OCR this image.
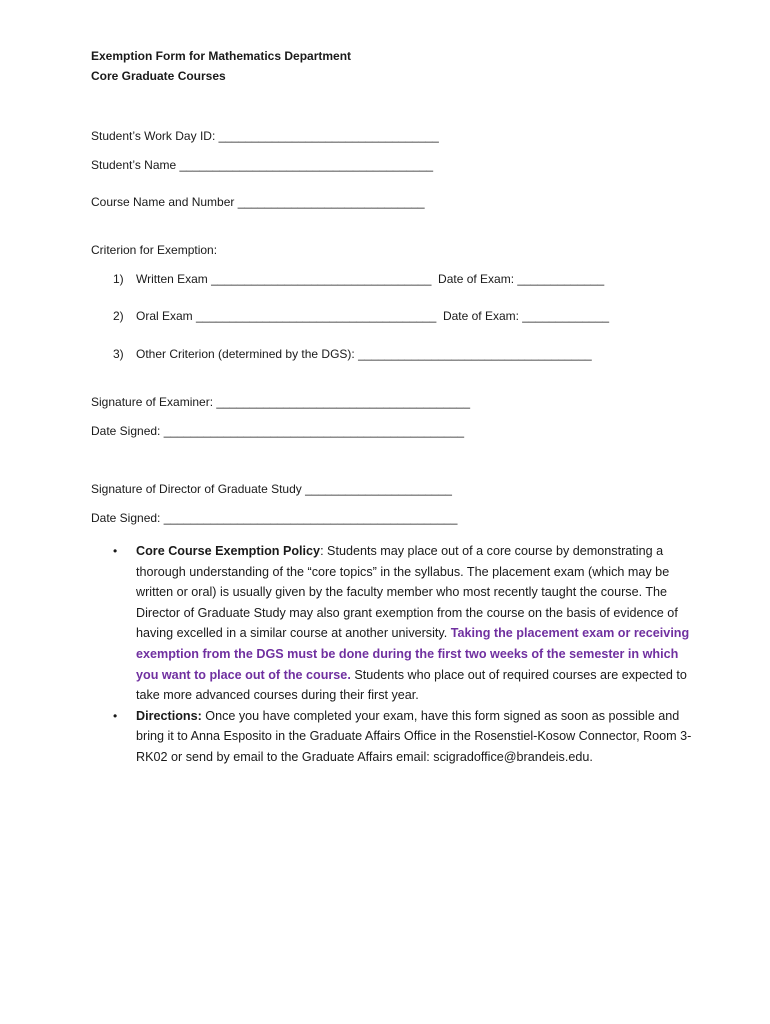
Exemption Form for Mathematics Department
Core Graduate Courses
Student’s Work Day ID: _________________________________
Student’s Name ______________________________________
Course Name and Number ____________________________
Criterion for Exemption:
1) Written Exam _________________________________  Date of Exam: _____________
2) Oral Exam ____________________________________  Date of Exam: _____________
3) Other Criterion (determined by the DGS): ___________________________________
Signature of Examiner: ______________________________________
Date Signed: _____________________________________________
Signature of Director of Graduate Study ______________________
Date Signed: ____________________________________________

• Core Course Exemption Policy: Students may place out of a core course by demonstrating a thorough understanding of the “core topics” in the syllabus. The placement exam (which may be written or oral) is usually given by the faculty member who most recently taught the course. The Director of Graduate Study may also grant exemption from the course on the basis of evidence of having excelled in a similar course at another university. Taking the placement exam or receiving exemption from the DGS must be done during the first two weeks of the semester in which you want to place out of the course. Students who place out of required courses are expected to take more advanced courses during their first year.

• Directions: Once you have completed your exam, have this form signed as soon as possible and bring it to Anna Esposito in the Graduate Affairs Office in the Rosenstiel-Kosow Connector, Room 3-RK02 or send by email to the Graduate Affairs email: scigradoffice@brandeis.edu.
